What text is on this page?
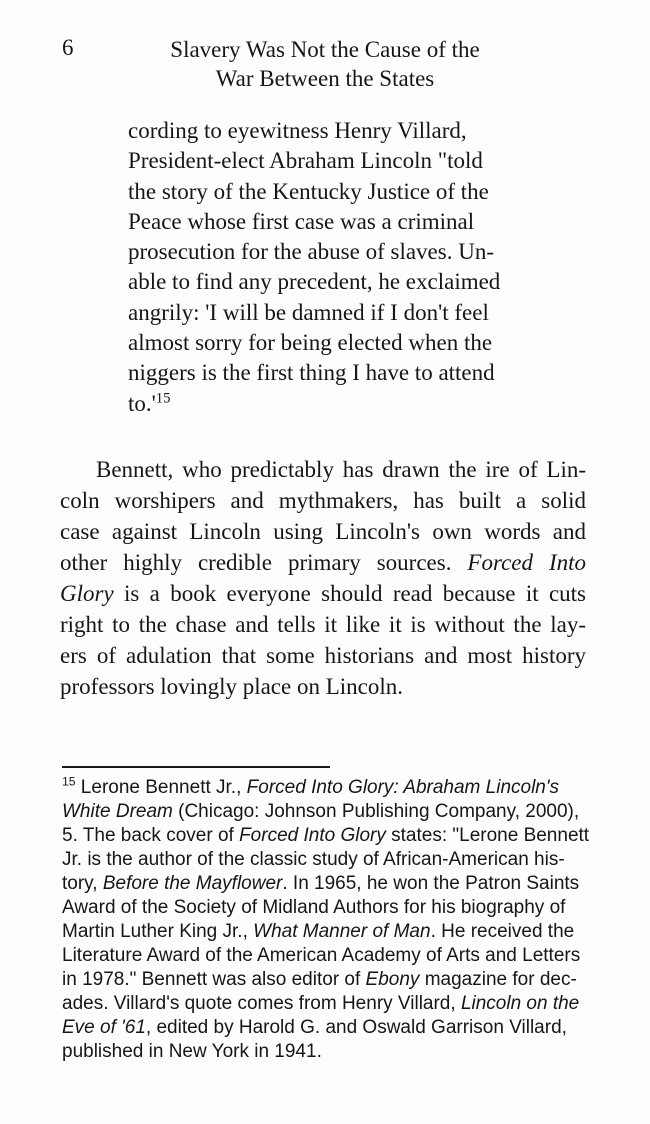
6	Slavery Was Not the Cause of the
War Between the States
cording to eyewitness Henry Villard,
President-elect Abraham Lincoln "told
the story of the Kentucky Justice of the
Peace whose first case was a criminal
prosecution for the abuse of slaves. Un-
able to find any precedent, he exclaimed
angrily: 'I will be damned if I don't feel
almost sorry for being elected when the
niggers is the first thing I have to attend
$to.'^{15}$
Bennett, who predictably has drawn the ire of Lin-
coln worshipers and mythmakers, has built a solid
case against Lincoln using Lincoln's own words and
other highly credible primary sources. Forced Into
Glory is a book everyone should read because it cuts
right to the chase and tells it like it is without the lay-
ers of adulation that some historians and most history
professors lovingly place on Lincoln.
$^{15}$ Lerone Bennett Jr., Forced Into Glory: Abraham Lincoln's
White Dream (Chicago: Johnson Publishing Company, 2000),
5. The back cover of Forced Into Glory states: "Lerone Bennett
Jr. is the author of the classic study of African-American his-
tory, Before the Mayflower. In 1965, he won the Patron Saints
Award of the Society of Midland Authors for his biography of
Martin Luther King Jr., What Manner of Man. He received the
Literature Award of the American Academy of Arts and Letters
in 1978." Bennett was also editor of Ebony magazine for dec-
ades. Villard's quote comes from Henry Villard, Lincoln on the
Eve of '61, edited by Harold G. and Oswald Garrison Villard,
published in New York in 1941.
